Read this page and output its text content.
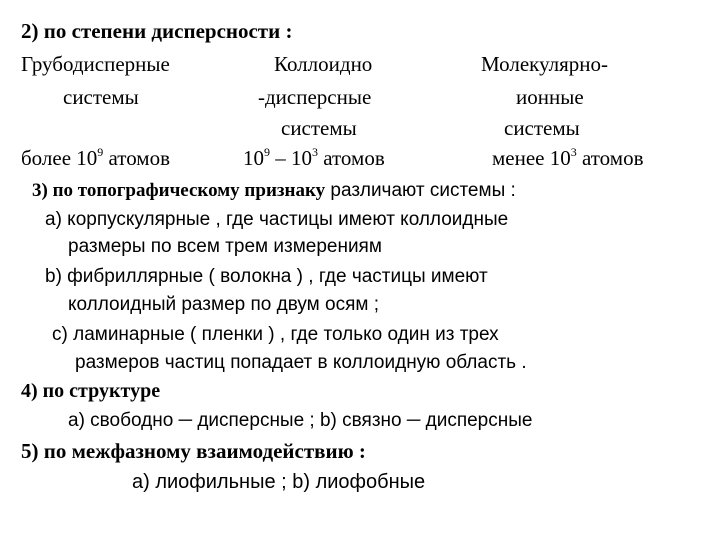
2) по степени дисперсности :
Грубодисперные
системы
более $10^9$ атомов
Коллоидно
-дисперсные
системы
$10^9 - 10^3$ атомов
Молекулярно-
ионные
системы
менее $10^3$ атомов
3) по топографическому признаку различают системы :
а) корпускулярные , где частицы имеют коллоидные
размеры по всем трем измерениям
b) фибриллярные ( волокна ) , где частицы имеют
коллоидный размер по двум осям ;
с) ламинарные ( пленки ) , где только один из трех
размеров частиц попадает в коллоидную область .
4) по структуре
а) свободно ─ дисперсные ; b) связно ─ дисперсные
5) по межфазному взаимодействию :
а) лиофильные ; b) лиофобные
